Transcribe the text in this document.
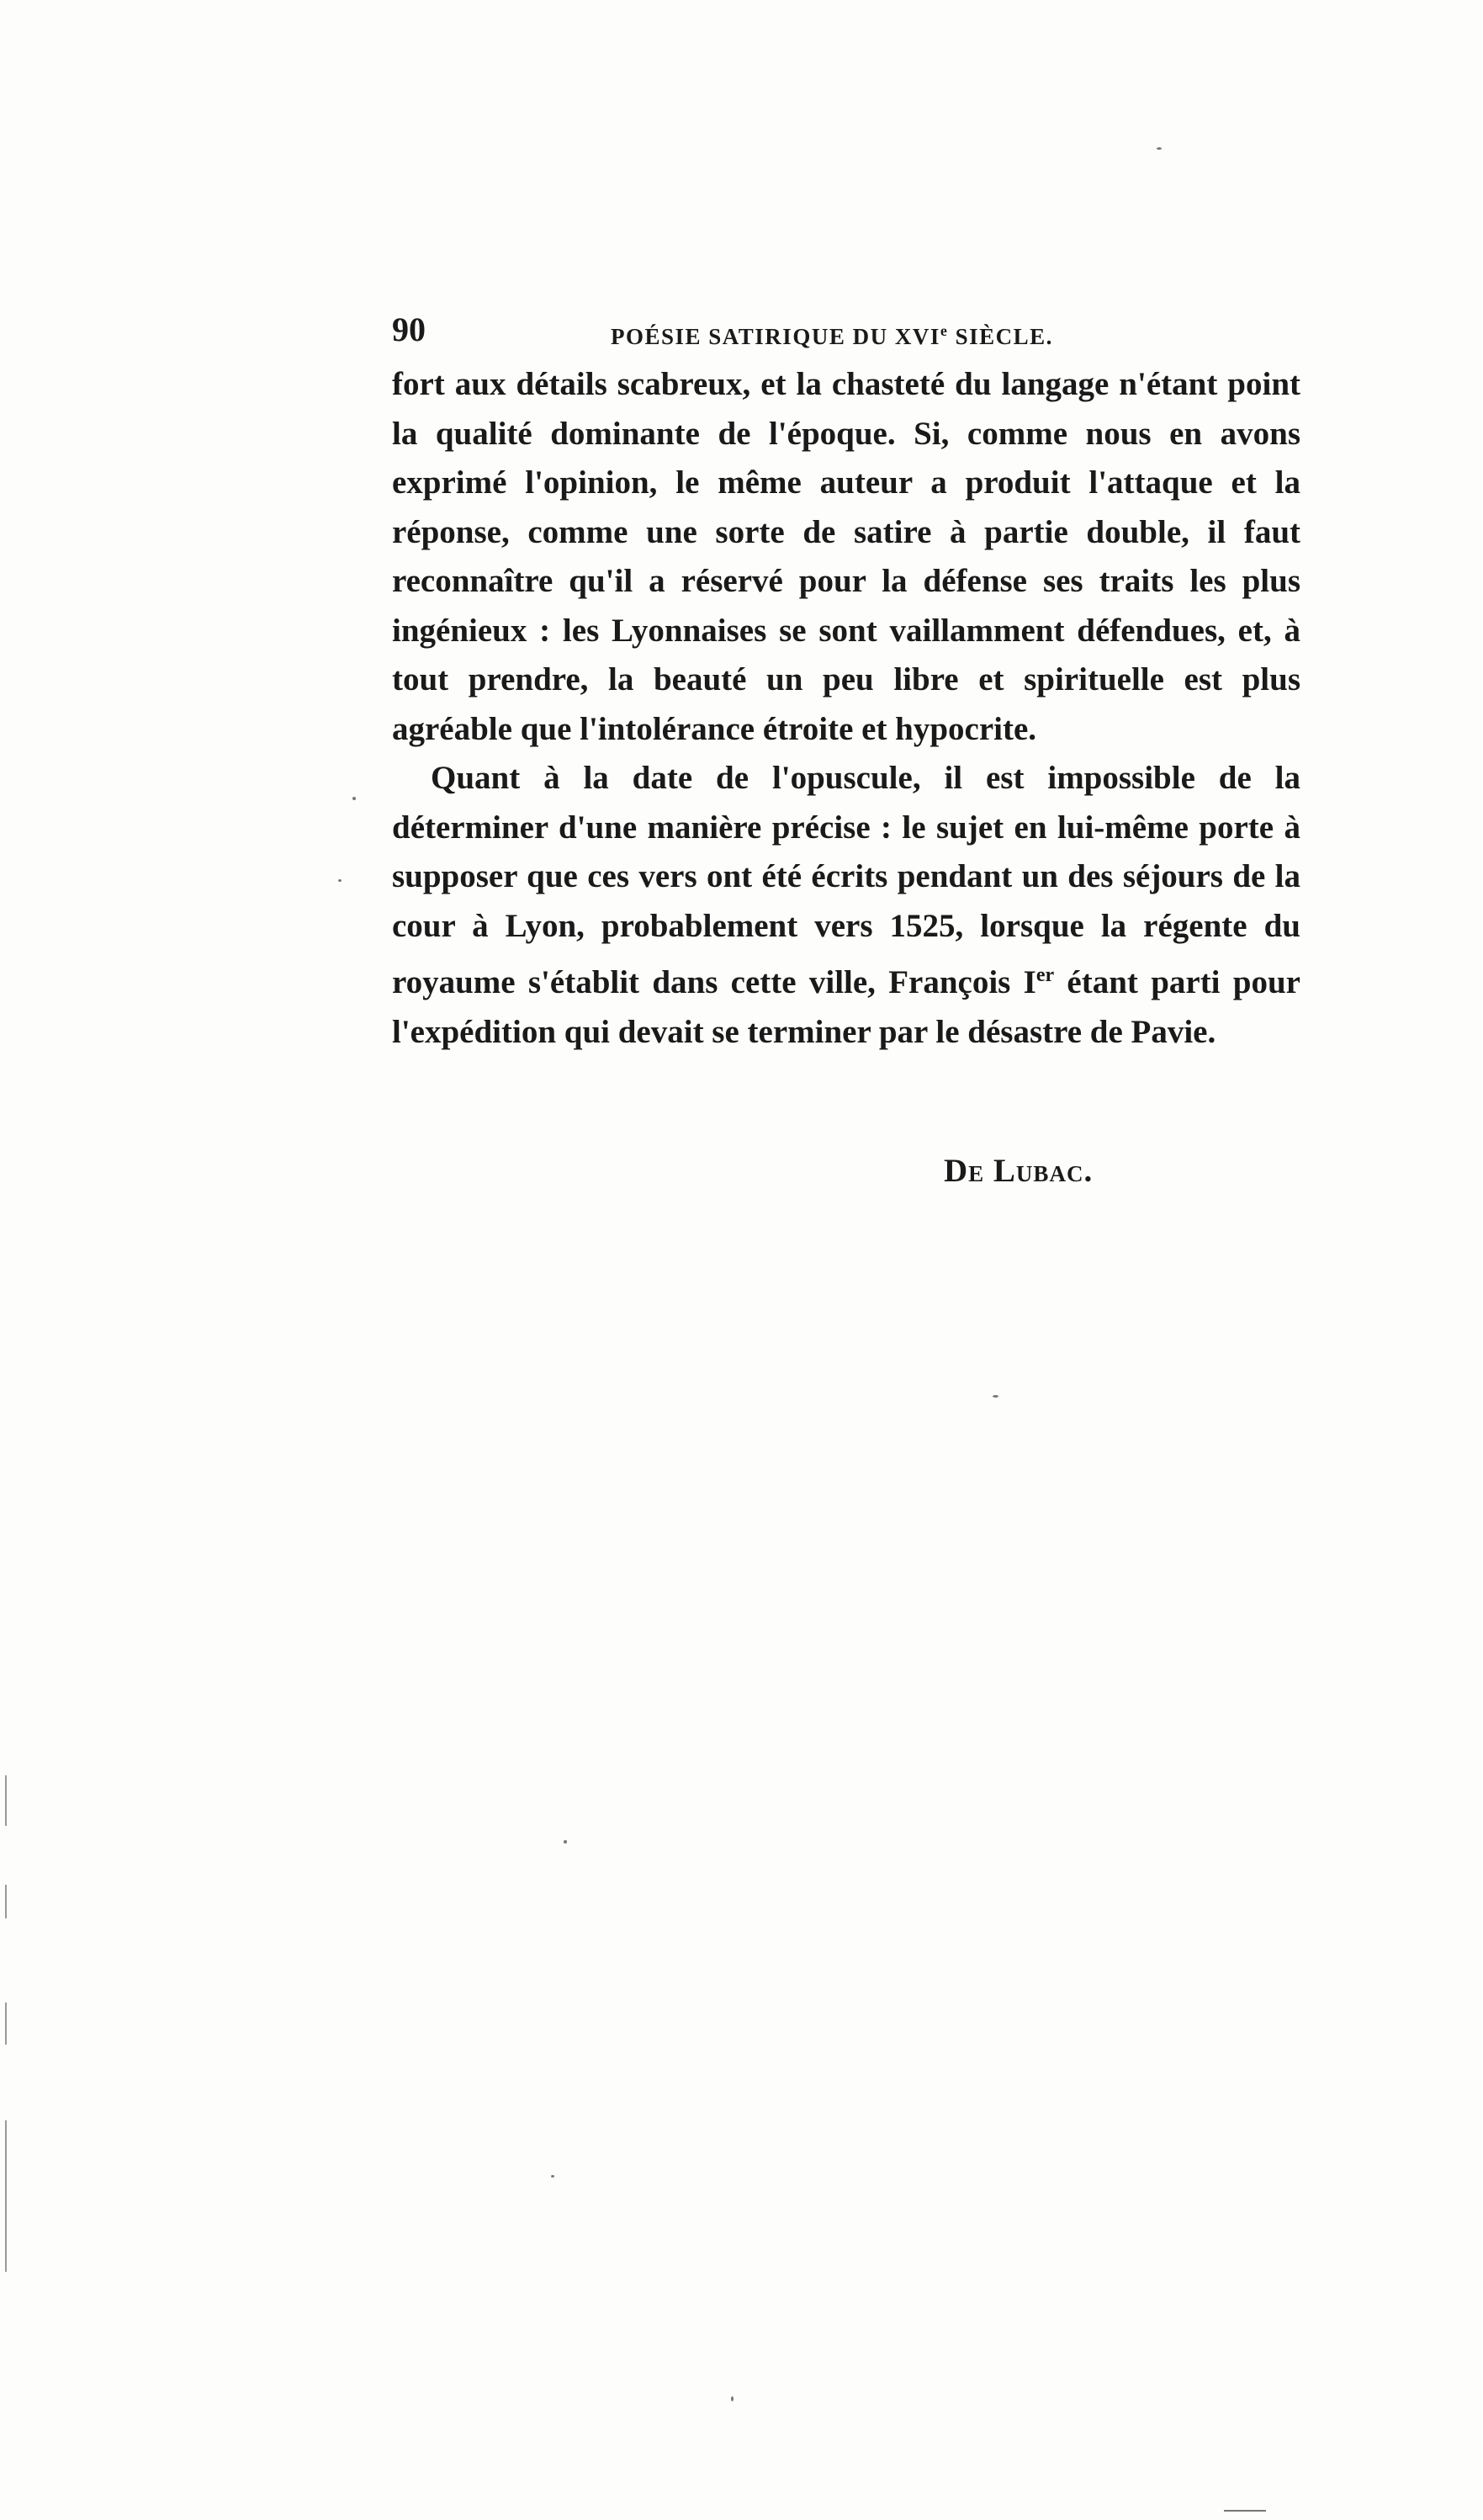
90	POÉSIE SATIRIQUE DU XVIe SIÈCLE.

fort aux détails scabreux, et la chasteté du langage n'étant point la qualité dominante de l'époque. Si, comme nous en avons exprimé l'opinion, le même auteur a produit l'attaque et la réponse, comme une sorte de satire à partie double, il faut reconnaître qu'il a réservé pour la défense ses traits les plus ingénieux : les Lyonnaises se sont vaillamment défendues, et, à tout prendre, la beauté un peu libre et spirituelle est plus agréable que l'intolérance étroite et hypocrite.

Quant à la date de l'opuscule, il est impossible de la déterminer d'une manière précise : le sujet en lui-même porte à supposer que ces vers ont été écrits pendant un des séjours de la cour à Lyon, probablement vers 1525, lorsque la régente du royaume s'établit dans cette ville, François Ier étant parti pour l'expédition qui devait se terminer par le désastre de Pavie.

De Lubac.
